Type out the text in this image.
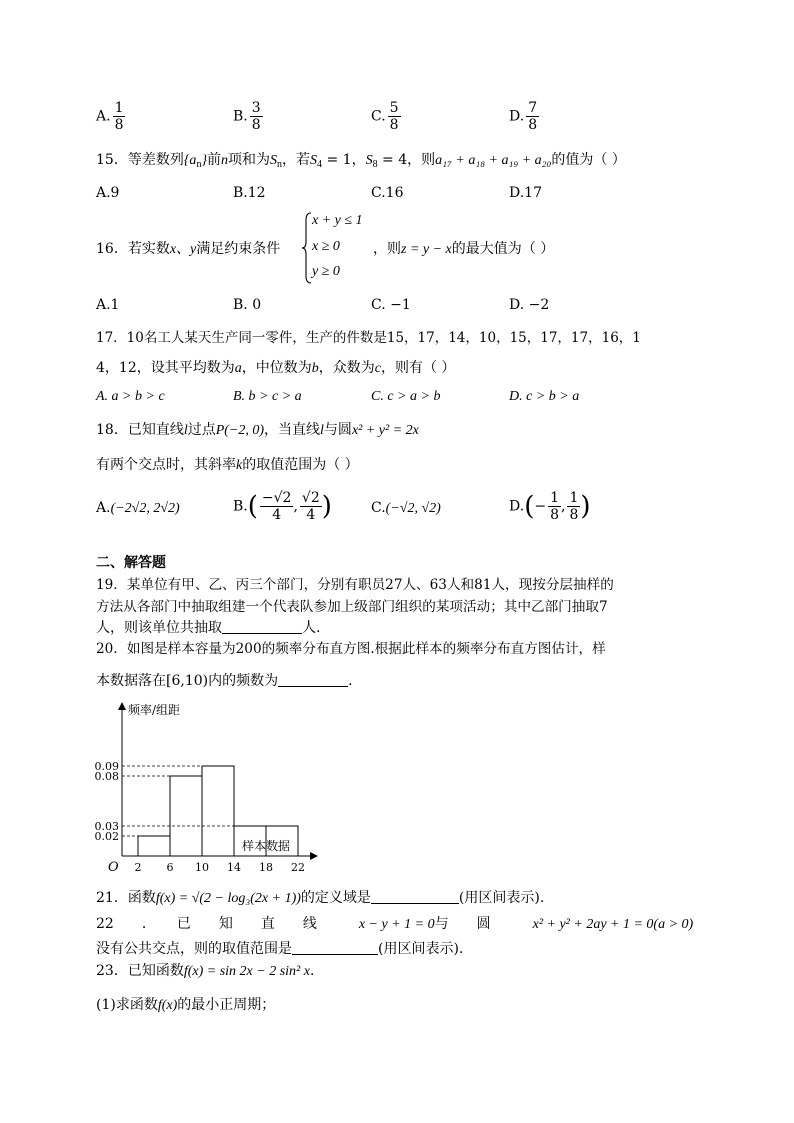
A. $\frac{1}{8}$	B. $\frac{3}{8}$	C. $\frac{5}{8}$	D. $\frac{7}{8}$
15．等差数列$\{a_n\}$前n项和为$S_n$，若$S_4 = 1$，$S_8 = 4$，则a₁₇ + a₁₈ + a₁₉ + a₂₀的值为（ ）
A.9	B.12	C.16	D.17
16．若实数x、y满足约束条件
x + y ≤ 1
x ≥ 0
y ≥ 0
，则z = y − x的最大值为（ ）
A.1	B. 0	C. −1	D. −2
17．10名工人某天生产同一零件，生产的件数是15，17，14，10，15，17，17，16，1
4，12，设其平均数为a，中位数为b，众数为c，则有（ ）
A. a > b > c	B. b > c > a	C. c > a > b	D. c > b > a
18．已知直线l过点P(−2, 0)，当直线l与圆x² + y² = 2x
有两个交点时，其斜率k的取值范围为（ ）
A.(−2√2, 2√2)	$B.( \frac{-√2}{4}$ , $\frac{√2}{4}$ )	C.(−√2, √2)	$D.(- \frac{1}{8}$ , $\frac{1}{8}$ )
二、解答题
19．某单位有甲、乙、丙三个部门，分别有职员27人、63人和81人，现按分层抽样的
方法从各部门中抽取组建一个代表队参加上级部门组织的某项活动；其中乙部门抽取7
人，则该单位共抽取	人.
20．如图是样本容量为200的频率分布直方图.根据此样本的频率分布直方图估计，样
本数据落在[6,10)内的频数为	.
0.02
0.03
0.08
0.09
2 6 10 14 18 22
频率/组距
样本数据
O
21．函数f(x) = √(2 − log₃(2x + 1))的定义域是	(用区间表示).
22　　．　　已　　知　　直　　线　　　	x − y + 1 = 0与　　圆　　　	x² + y² + 2ay + 1 = 0(a > 0)
没有公共交点，则的取值范围是	(用区间表示).
23．已知函数f(x) = sin 2x − 2 sin² x.
(1)求函数f(x)的最小正周期；
